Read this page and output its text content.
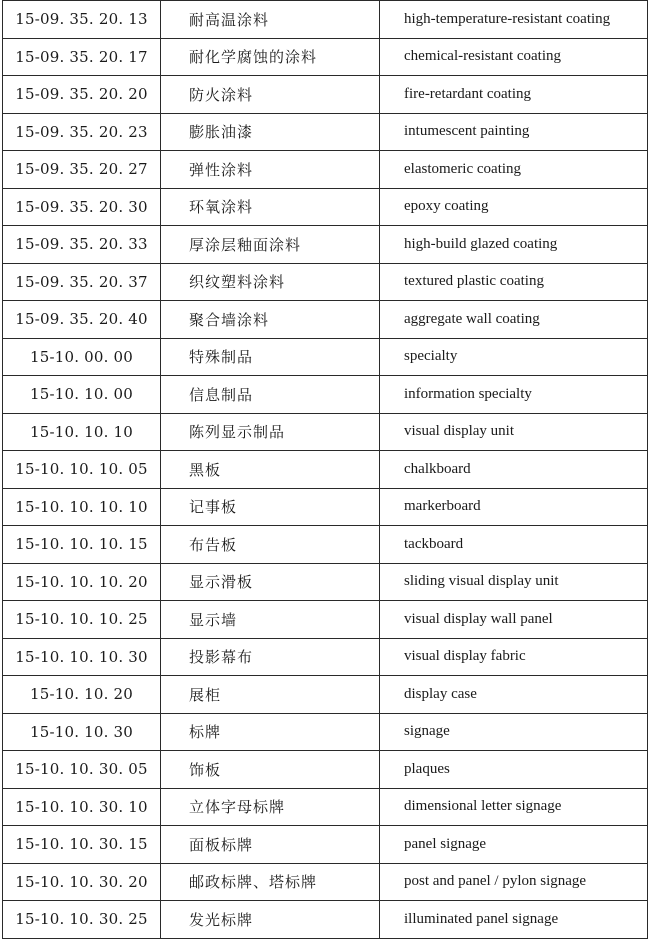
15-09. 35. 20. 13	耐高温涂料	high-temperature-resistant coating
15-09. 35. 20. 17	耐化学腐蚀的涂料	chemical-resistant coating
15-09. 35. 20. 20	防火涂料	fire-retardant coating
15-09. 35. 20. 23	膨胀油漆	intumescent painting
15-09. 35. 20. 27	弹性涂料	elastomeric coating
15-09. 35. 20. 30	环氧涂料	epoxy coating
15-09. 35. 20. 33	厚涂层釉面涂料	high-build glazed coating
15-09. 35. 20. 37	织纹塑料涂料	textured plastic coating
15-09. 35. 20. 40	聚合墙涂料	aggregate wall coating
15-10. 00. 00	特殊制品	specialty
15-10. 10. 00	信息制品	information specialty
15-10. 10. 10	陈列显示制品	visual display unit
15-10. 10. 10. 05	黑板	chalkboard
15-10. 10. 10. 10	记事板	markerboard
15-10. 10. 10. 15	布告板	tackboard
15-10. 10. 10. 20	显示滑板	sliding visual display unit
15-10. 10. 10. 25	显示墙	visual display wall panel
15-10. 10. 10. 30	投影幕布	visual display fabric
15-10. 10. 20	展柜	display case
15-10. 10. 30	标牌	signage
15-10. 10. 30. 05	饰板	plaques
15-10. 10. 30. 10	立体字母标牌	dimensional letter signage
15-10. 10. 30. 15	面板标牌	panel signage
15-10. 10. 30. 20	邮政标牌、塔标牌	post and panel / pylon signage
15-10. 10. 30. 25	发光标牌	illuminated panel signage
